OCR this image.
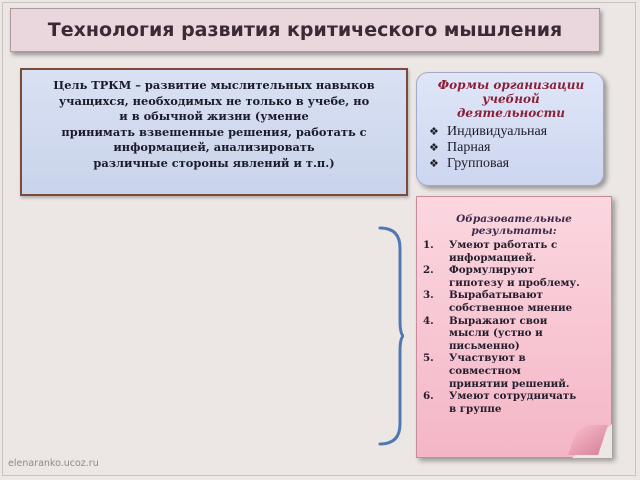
Технология развития критического мышления

Цель ТРКМ – развитие мыслительных навыков

учащихся, необходимых не только в учебе, но

и в обычной жизни (умение

принимать взвешенные решения, работать с

информацией, анализировать

различные стороны явлений и т.п.)

Формы организации
учебной
деятельности
❖ Индивидуальная
❖ Парная
❖ Групповая
Образовательные
результаты:
1. Умеют работать с
информацией.
2. Формулируют
гипотезу и проблему.
3. Вырабатывают
собственное мнение
4. Выражают свои
мысли (устно и
письменно)
5. Участвуют в
совместном
принятии решений.
6. Умеют сотрудничать
в группе
elenaranko.ucoz.ru
